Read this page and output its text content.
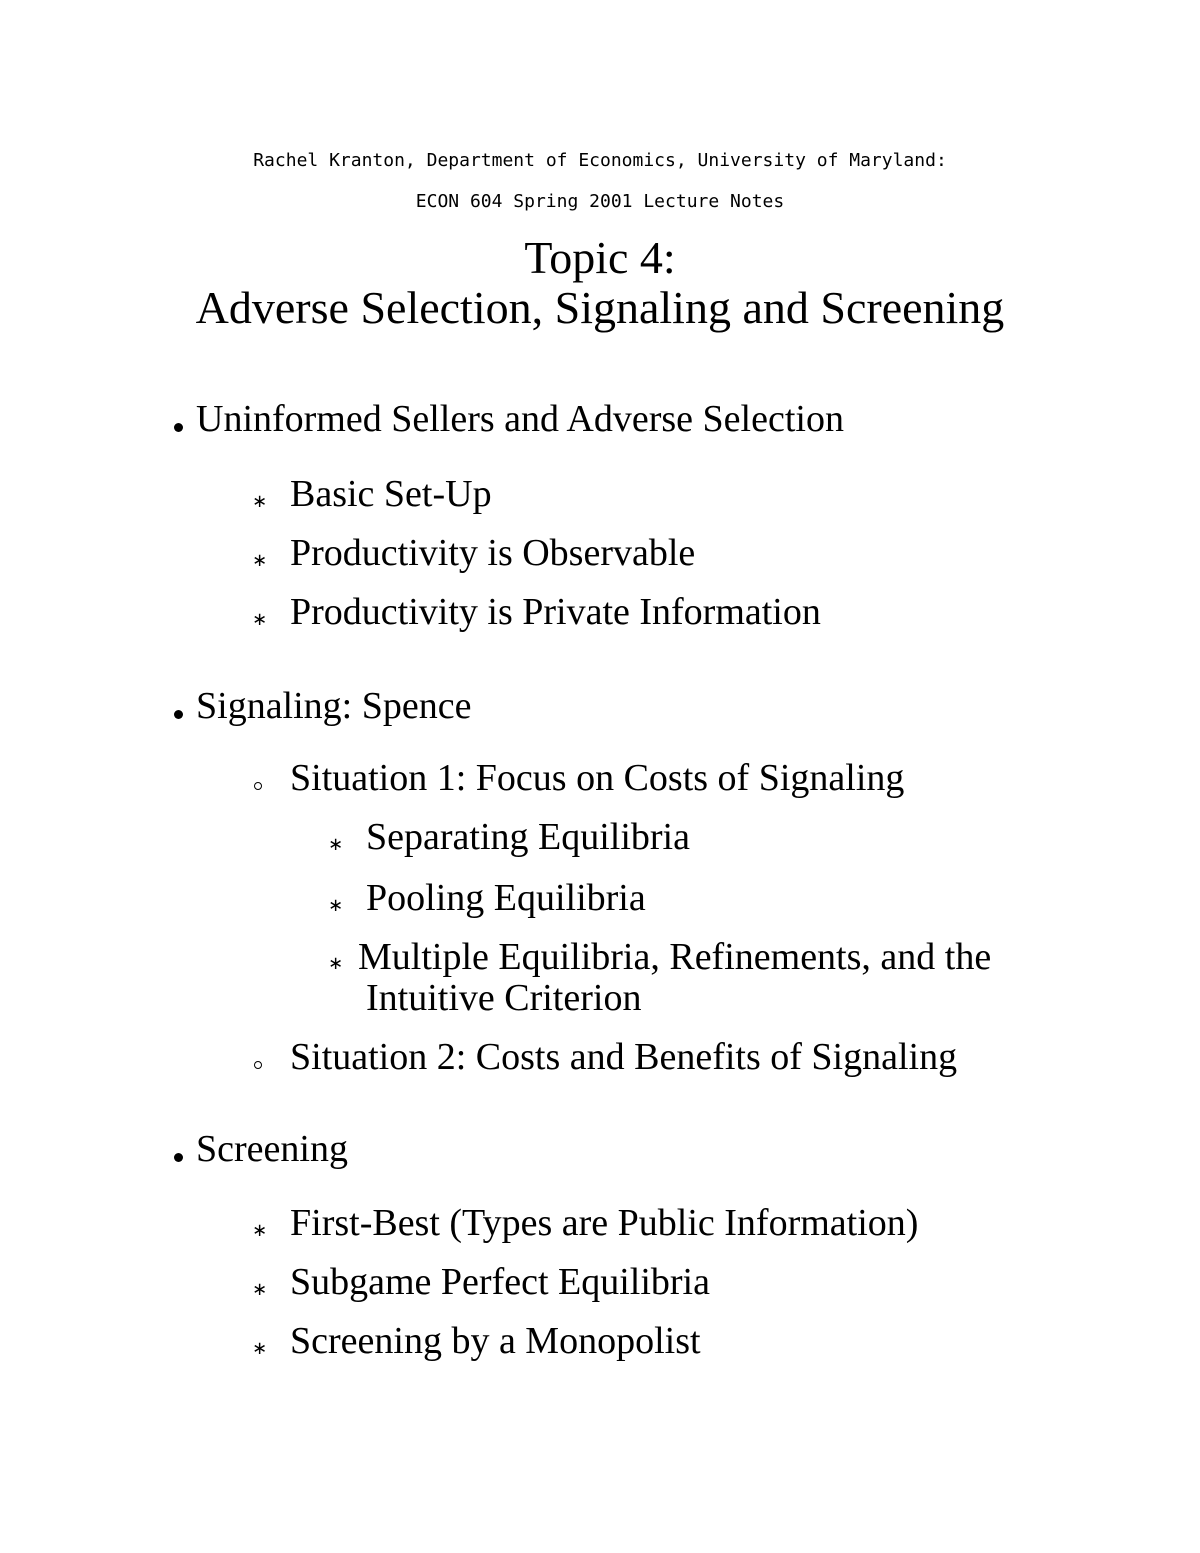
Rachel Kranton, Department of Economics, University of Maryland:
ECON 604 Spring 2001 Lecture Notes
Topic 4:
Adverse Selection, Signaling and Screening
Uninformed Sellers and Adverse Selection
∗ Basic Set-Up
∗ Productivity is Observable
∗ Productivity is Private Information
Signaling: Spence
Situation 1: Focus on Costs of Signaling
∗ Separating Equilibria
∗ Pooling Equilibria
∗ Multiple Equilibria, Refinements, and the
Intuitive Criterion
Situation 2: Costs and Benefits of Signaling
Screening
∗ First-Best (Types are Public Information)
∗ Subgame Perfect Equilibria
∗ Screening by a Monopolist
